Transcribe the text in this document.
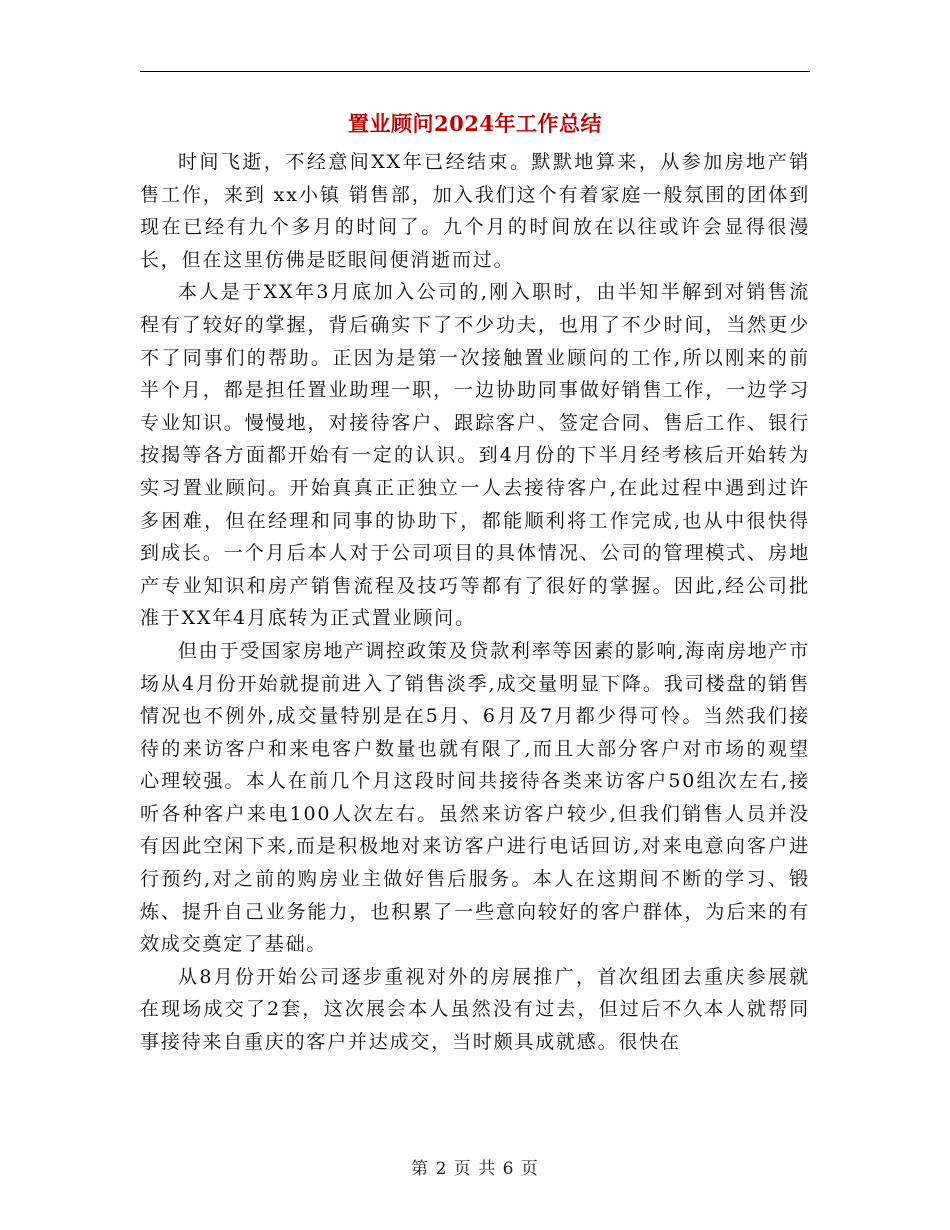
置业顾问2024年工作总结

时间飞逝，不经意间XX年已经结束。默默地算来，从参加房地产销售工作，来到 xx小镇 销售部，加入我们这个有着家庭一般氛围的团体到现在已经有九个多月的时间了。九个月的时间放在以往或许会显得很漫长，但在这里仿佛是眨眼间便消逝而过。

本人是于XX年3月底加入公司的,刚入职时，由半知半解到对销售流程有了较好的掌握，背后确实下了不少功夫，也用了不少时间，当然更少不了同事们的帮助。正因为是第一次接触置业顾问的工作,所以刚来的前半个月，都是担任置业助理一职，一边协助同事做好销售工作，一边学习专业知识。慢慢地，对接待客户、跟踪客户、签定合同、售后工作、银行按揭等各方面都开始有一定的认识。到4月份的下半月经考核后开始转为实习置业顾问。开始真真正正独立一人去接待客户,在此过程中遇到过许多困难，但在经理和同事的协助下，都能顺利将工作完成,也从中很快得到成长。一个月后本人对于公司项目的具体情况、公司的管理模式、房地产专业知识和房产销售流程及技巧等都有了很好的掌握。因此,经公司批准于XX年4月底转为正式置业顾问。

但由于受国家房地产调控政策及贷款利率等因素的影响,海南房地产市场从4月份开始就提前进入了销售淡季,成交量明显下降。我司楼盘的销售情况也不例外,成交量特别是在5月、6月及7月都少得可怜。当然我们接待的来访客户和来电客户数量也就有限了,而且大部分客户对市场的观望心理较强。本人在前几个月这段时间共接待各类来访客户50组次左右,接听各种客户来电100人次左右。虽然来访客户较少,但我们销售人员并没有因此空闲下来,而是积极地对来访客户进行电话回访,对来电意向客户进行预约,对之前的购房业主做好售后服务。本人在这期间不断的学习、锻炼、提升自己业务能力，也积累了一些意向较好的客户群体，为后来的有效成交奠定了基础。

从8月份开始公司逐步重视对外的房展推广，首次组团去重庆参展就在现场成交了2套，这次展会本人虽然没有过去，但过后不久本人就帮同事接待来自重庆的客户并达成交，当时颇具成就感。很快在

第 2 页 共 6 页
